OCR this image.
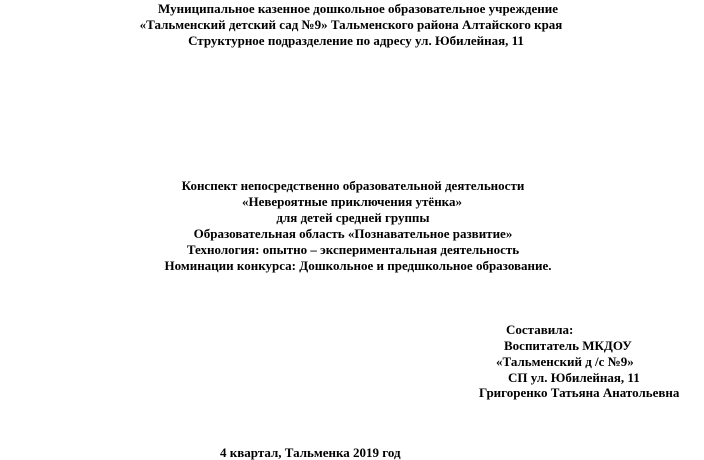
Муниципальное казенное дошкольное образовательное учреждение
«Тальменский детский сад №9» Тальменского района Алтайского края
Структурное подразделение по адресу ул. Юбилейная, 11
Конспект непосредственно образовательной деятельности
«Невероятные приключения утёнка»
для детей средней группы
Образовательная область «Познавательное развитие»
Технология: опытно – экспериментальная деятельность
Номинации конкурса: Дошкольное и предшкольное образование.
Составила:
Воспитатель МКДОУ
«Тальменский д /с №9»
СП ул. Юбилейная, 11
Григоренко Татьяна Анатольевна
4 квартал, Тальменка 2019 год
